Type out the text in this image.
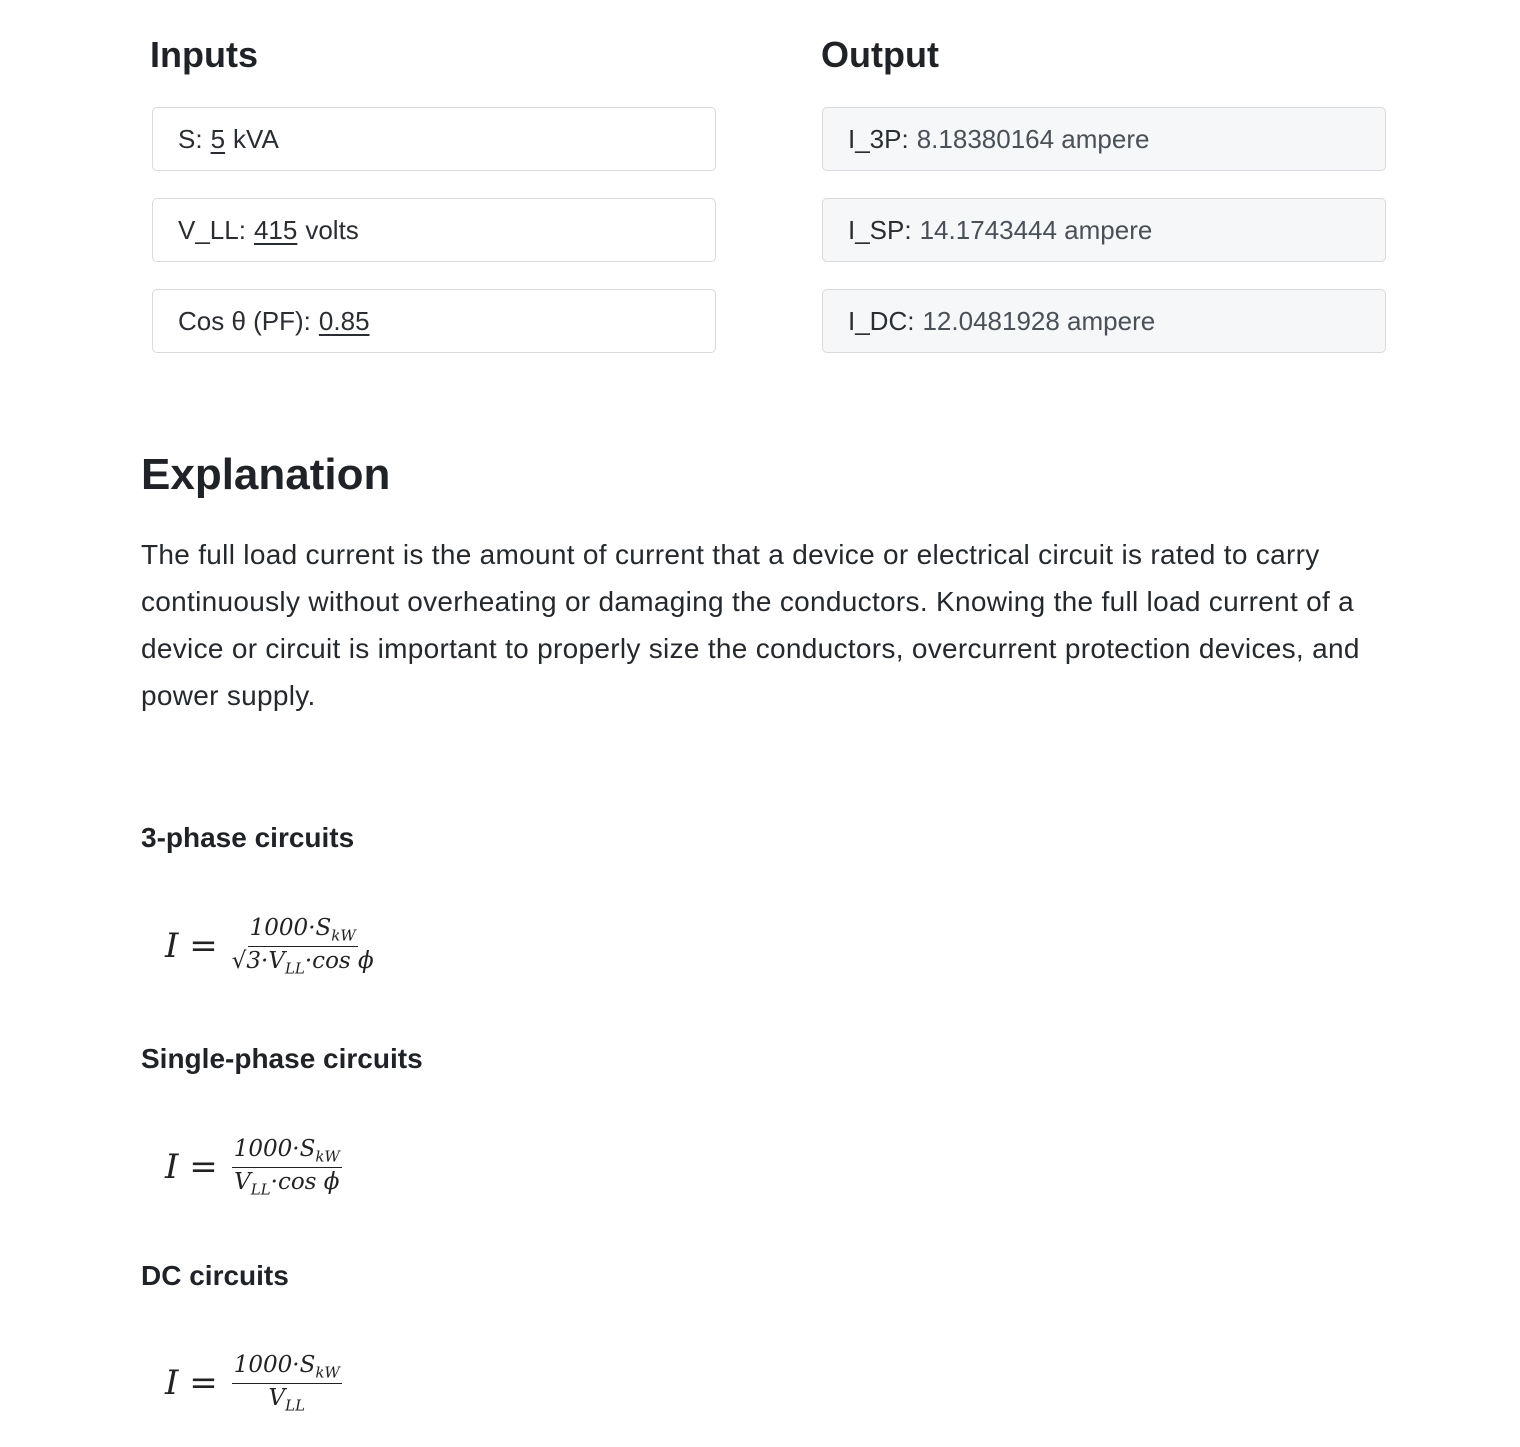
Inputs	Output
S: 5 kVA
V_LL: 415 volts
Cos θ (PF): 0.85
I_3P: 8.18380164 ampere
I_SP: 14.1743444 ampere
I_DC: 12.0481928 ampere
Explanation

The full load current is the amount of current that a device or electrical circuit is rated to carry continuously without overheating or damaging the conductors. Knowing the full load current of a device or circuit is important to properly size the conductors, overcurrent protection devices, and power supply.

3-phase circuits
$I = \frac{1000\cdot S_{kW}}{√3\cdot V_{LL}\cdot\cos \phi}$
Single-phase circuits
$I = \frac{1000\cdot S_{kW}}{V_{LL}\cdot\cos \phi}$
DC circuits
$I = \frac{1000\cdot S_{kW}}{V_{LL}}$
